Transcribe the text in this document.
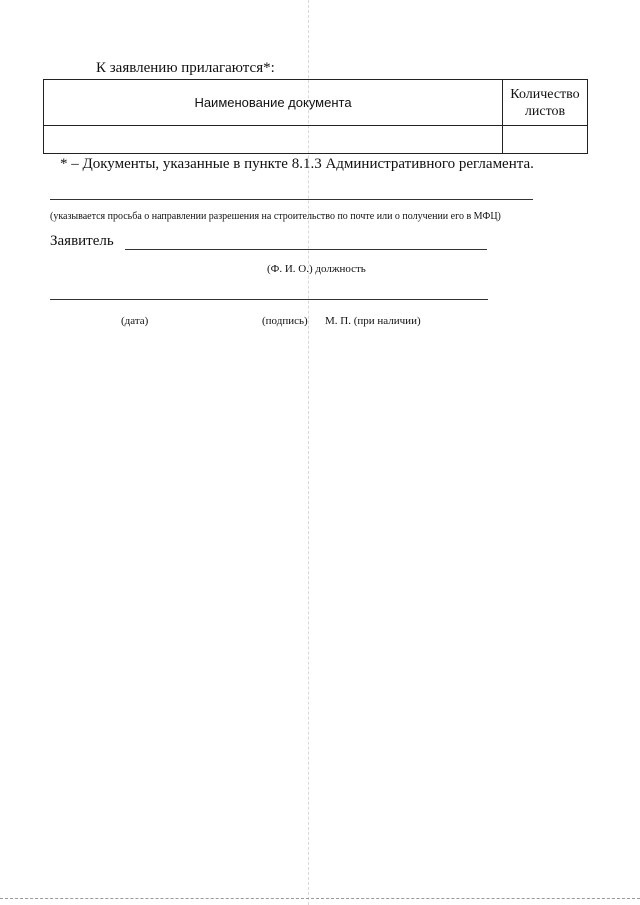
К заявлению прилагаются*:
Наименование документа	Количество
листов

* – Документы, указанные в пункте 8.1.3 Административного регламента.
(указывается просьба о направлении разрешения на строительство по почте или о получении его в МФЦ)
Заявитель
(Ф. И. О.) должность
(дата)	(подпись) М. П. (при наличии)
